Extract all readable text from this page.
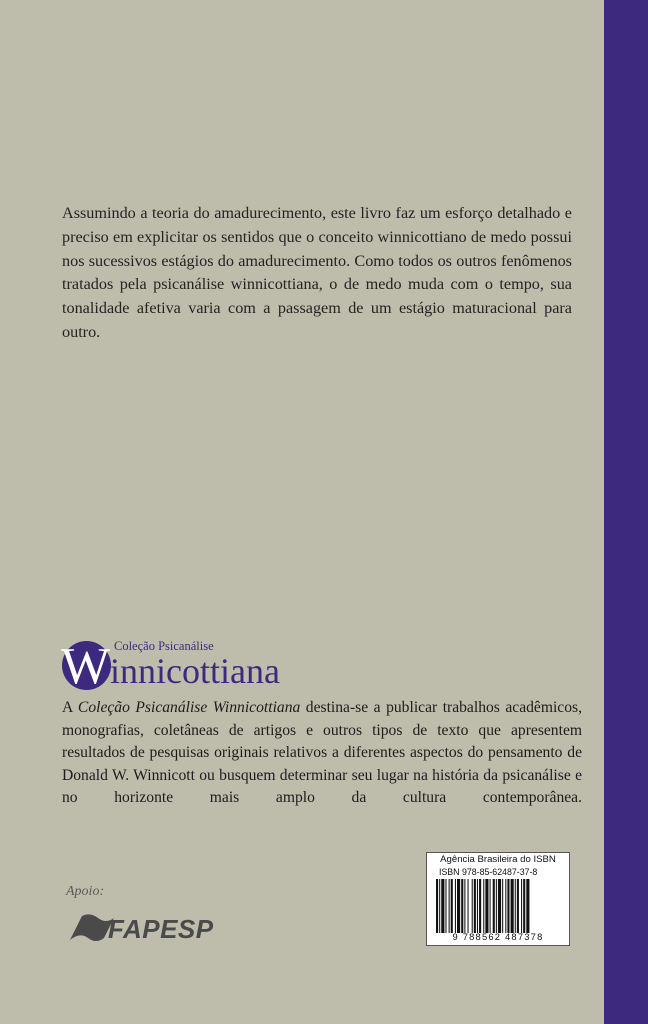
Assumindo a teoria do amadurecimento, este livro faz um esforço detalhado e preciso em explicitar os sentidos que o conceito winnicottiano de medo possui nos sucessivos estágios do amadurecimento. Como todos os outros fenômenos tratados pela psicanálise winnicottiana, o de medo muda com o tempo, sua tonalidade afetiva varia com a passagem de um estágio maturacional para outro.

W Coleção Psicanálise
innicottiana

A Coleção Psicanálise Winnicottiana destina-se a publicar trabalhos acadêmicos, monografias, coletâneas de artigos e outros tipos de texto que apresentem resultados de pesquisas originais relativos a diferentes aspectos do pensamento de Donald W. Winnicott ou busquem determinar seu lugar na história da psicanálise e no horizonte mais amplo da cultura contemporânea.

Apoio:
FAPESP
Agência Brasileira do ISBN
ISBN 978-85-62487-37-8
9 788562 487378
